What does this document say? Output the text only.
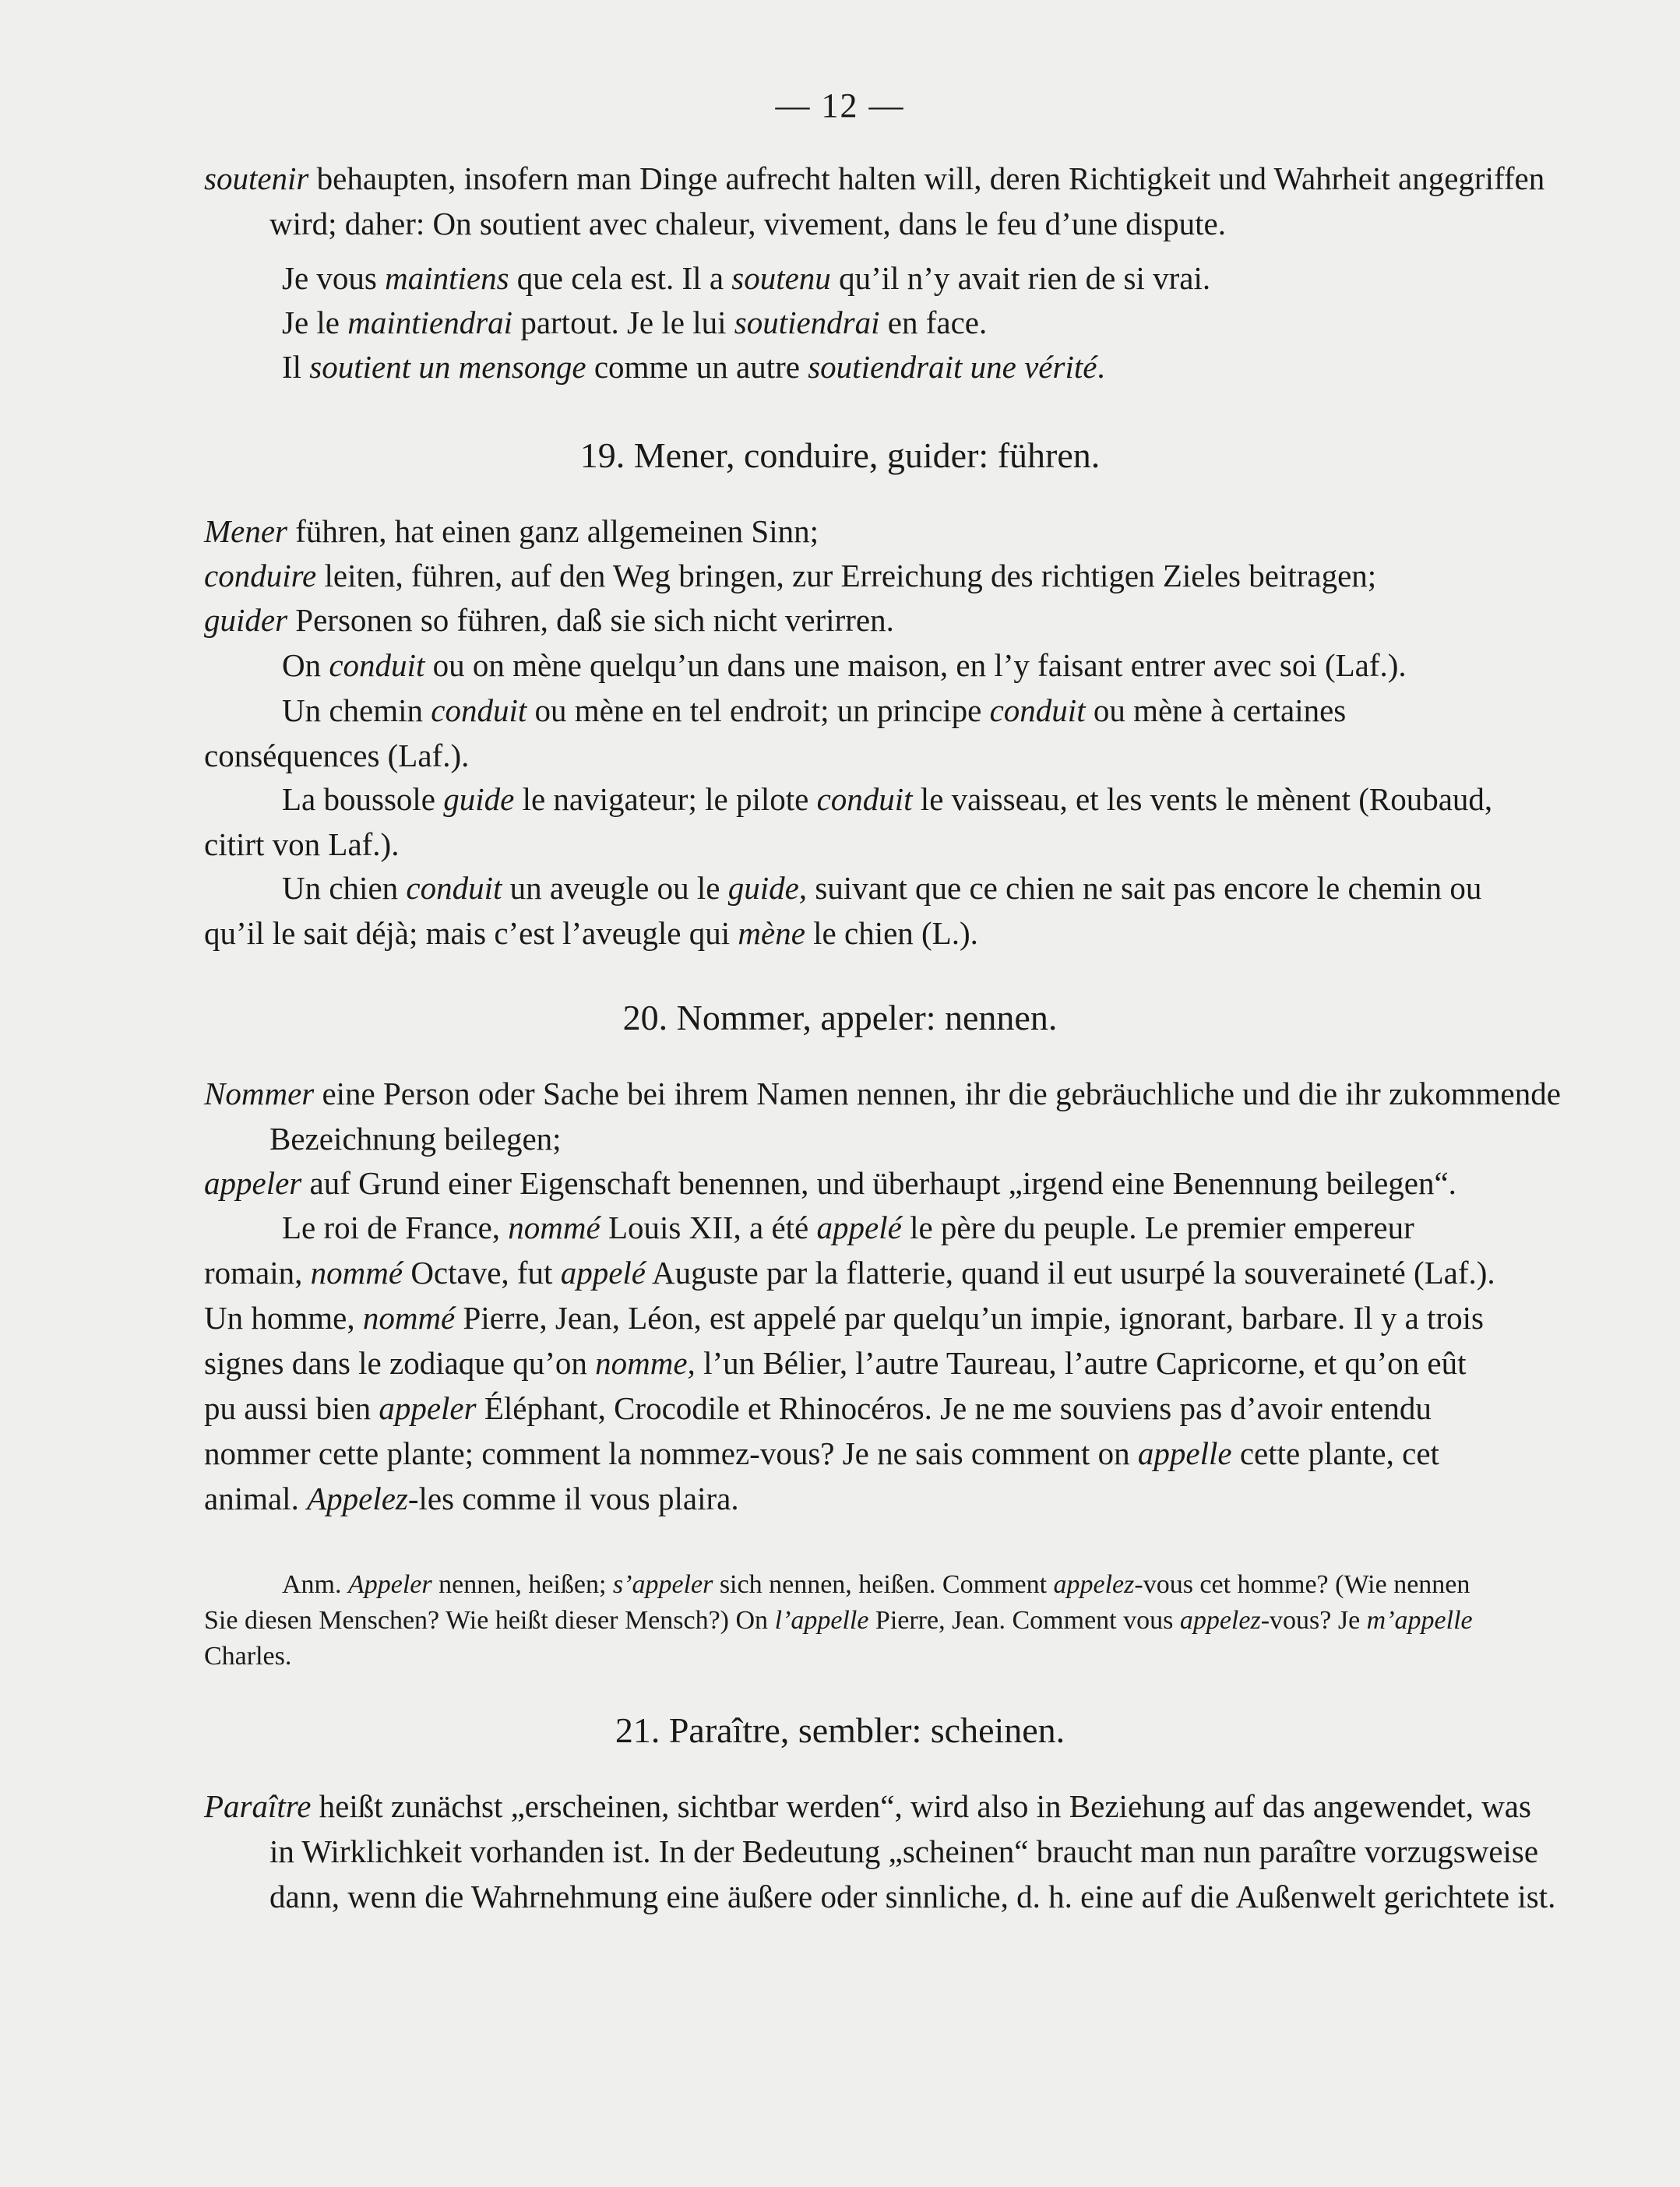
— 12 —

soutenir behaupten, insofern man Dinge aufrecht halten will, deren Richtigkeit und Wahrheit angegriffen wird; daher: On soutient avec chaleur, vivement, dans le feu d’une dispute.

Je vous maintiens que cela est. Il a soutenu qu’il n’y avait rien de si vrai.

Je le maintiendrai partout. Je le lui soutiendrai en face.

Il soutient un mensonge comme un autre soutiendrait une vérité.

19. Mener, conduire, guider: führen.

Mener führen, hat einen ganz allgemeinen Sinn;

conduire leiten, führen, auf den Weg bringen, zur Erreichung des richtigen Zieles beitragen;

guider Personen so führen, daß sie sich nicht verirren.

On conduit ou on mène quelqu’un dans une maison, en l’y faisant entrer avec soi (Laf.).

Un chemin conduit ou mène en tel endroit; un principe conduit ou mène à certaines conséquences (Laf.).

La boussole guide le navigateur; le pilote conduit le vaisseau, et les vents le mènent (Roubaud, citirt von Laf.).

Un chien conduit un aveugle ou le guide, suivant que ce chien ne sait pas encore le chemin ou qu’il le sait déjà; mais c’est l’aveugle qui mène le chien (L.).

20. Nommer, appeler: nennen.

Nommer eine Person oder Sache bei ihrem Namen nennen, ihr die gebräuchliche und die ihr zukommende Bezeichnung beilegen;

appeler auf Grund einer Eigenschaft benennen, und überhaupt „irgend eine Benennung beilegen“.

Le roi de France, nommé Louis XII, a été appelé le père du peuple. Le premier empereur romain, nommé Octave, fut appelé Auguste par la flatterie, quand il eut usurpé la souveraineté (Laf.). Un homme, nommé Pierre, Jean, Léon, est appelé par quelqu’un impie, ignorant, barbare. Il y a trois signes dans le zodiaque qu’on nomme, l’un Bélier, l’autre Taureau, l’autre Capricorne, et qu’on eût pu aussi bien appeler Éléphant, Crocodile et Rhinocéros. Je ne me souviens pas d’avoir entendu nommer cette plante; comment la nommez-vous? Je ne sais comment on appelle cette plante, cet animal. Appelez-les comme il vous plaira.

Anm. Appeler nennen, heißen; s’appeler sich nennen, heißen. Comment appelez-vous cet homme? (Wie nennen Sie diesen Menschen? Wie heißt dieser Mensch?) On l’appelle Pierre, Jean. Comment vous appelez-vous? Je m’appelle Charles.

21. Paraître, sembler: scheinen.

Paraître heißt zunächst „erscheinen, sichtbar werden“, wird also in Beziehung auf das angewendet, was in Wirklichkeit vorhanden ist. In der Bedeutung „scheinen“ braucht man nun paraître vorzugsweise dann, wenn die Wahrnehmung eine äußere oder sinnliche, d. h. eine auf die Außenwelt gerichtete ist.
